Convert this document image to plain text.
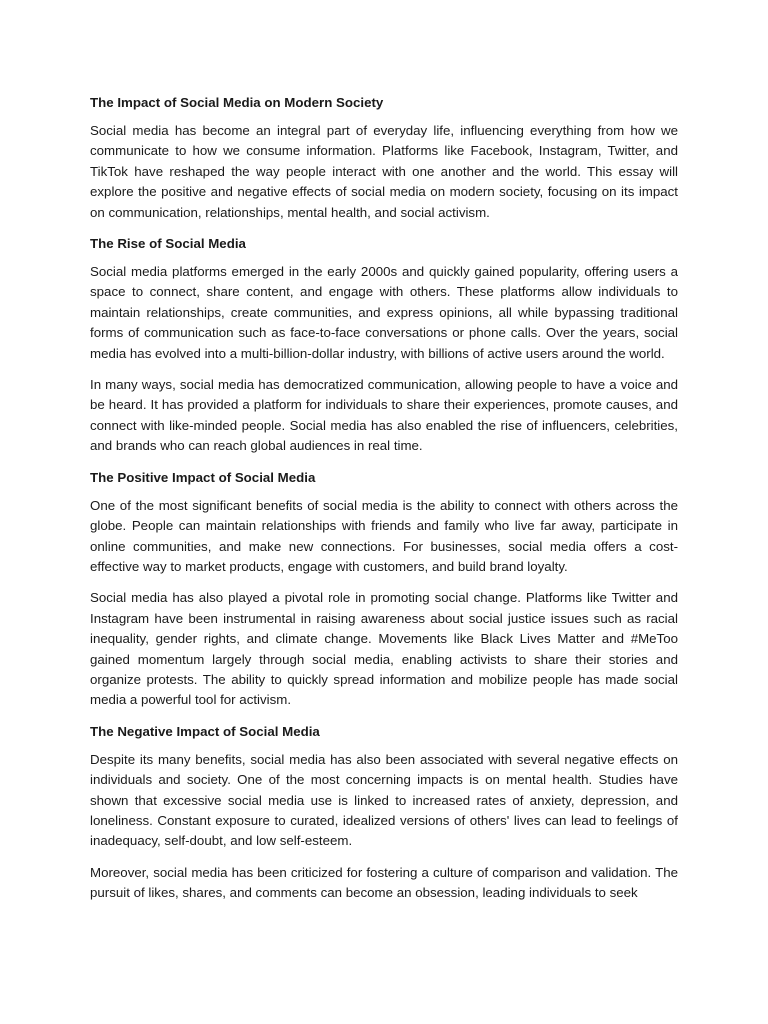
The Impact of Social Media on Modern Society

Social media has become an integral part of everyday life, influencing everything from how we communicate to how we consume information. Platforms like Facebook, Instagram, Twitter, and TikTok have reshaped the way people interact with one another and the world. This essay will explore the positive and negative effects of social media on modern society, focusing on its impact on communication, relationships, mental health, and social activism.

The Rise of Social Media

Social media platforms emerged in the early 2000s and quickly gained popularity, offering users a space to connect, share content, and engage with others. These platforms allow individuals to maintain relationships, create communities, and express opinions, all while bypassing traditional forms of communication such as face-to-face conversations or phone calls. Over the years, social media has evolved into a multi-billion-dollar industry, with billions of active users around the world.

In many ways, social media has democratized communication, allowing people to have a voice and be heard. It has provided a platform for individuals to share their experiences, promote causes, and connect with like-minded people. Social media has also enabled the rise of influencers, celebrities, and brands who can reach global audiences in real time.

The Positive Impact of Social Media

One of the most significant benefits of social media is the ability to connect with others across the globe. People can maintain relationships with friends and family who live far away, participate in online communities, and make new connections. For businesses, social media offers a cost-effective way to market products, engage with customers, and build brand loyalty.

Social media has also played a pivotal role in promoting social change. Platforms like Twitter and Instagram have been instrumental in raising awareness about social justice issues such as racial inequality, gender rights, and climate change. Movements like Black Lives Matter and #MeToo gained momentum largely through social media, enabling activists to share their stories and organize protests. The ability to quickly spread information and mobilize people has made social media a powerful tool for activism.

The Negative Impact of Social Media

Despite its many benefits, social media has also been associated with several negative effects on individuals and society. One of the most concerning impacts is on mental health. Studies have shown that excessive social media use is linked to increased rates of anxiety, depression, and loneliness. Constant exposure to curated, idealized versions of others' lives can lead to feelings of inadequacy, self-doubt, and low self-esteem.

Moreover, social media has been criticized for fostering a culture of comparison and validation. The pursuit of likes, shares, and comments can become an obsession, leading individuals to seek
